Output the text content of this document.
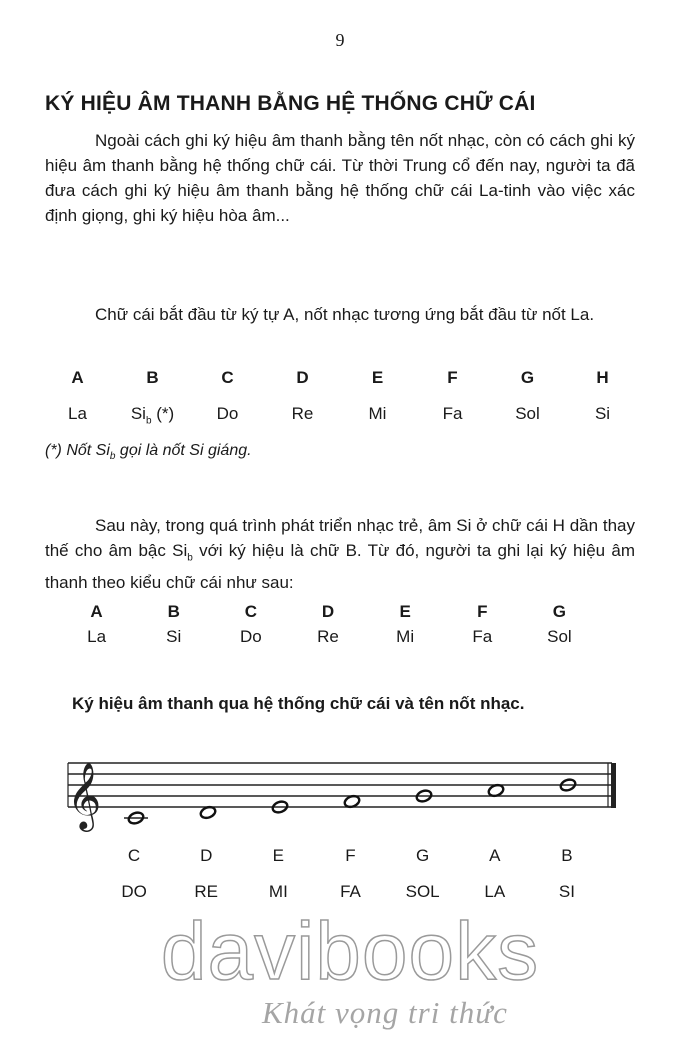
9
KÝ HIỆU ÂM THANH BẰNG HỆ THỐNG CHỮ CÁI

Ngoài cách ghi ký hiệu âm thanh bằng tên nốt nhạc, còn có cách ghi ký hiệu âm thanh bằng hệ thống chữ cái. Từ thời Trung cổ đến nay, người ta đã đưa cách ghi ký hiệu âm thanh bằng hệ thống chữ cái La-tinh vào việc xác định giọng, ghi ký hiệu hòa âm...

Chữ cái bắt đầu từ ký tự A, nốt nhạc tương ứng bắt đầu từ nốt La.

A	B	C	D	E	F	G	H
La	$Si_b$ (*)	Do	Re	Mi	Fa	Sol	Si
(*) Nốt $Si_b$ gọi là nốt Si giáng.

Sau này, trong quá trình phát triển nhạc trẻ, âm Si ở chữ cái H dần thay thế cho âm bậc $Si_b$ với ký hiệu là chữ B. Từ đó, người ta ghi lại ký hiệu âm thanh theo kiểu chữ cái như sau:

A	B	C	D	E	F	G
La	Si	Do	Re	Mi	Fa	Sol
Ký hiệu âm thanh qua hệ thống chữ cái và tên nốt nhạc.
𝄞
C	D	E	F	G	A	B
DO	RE	MI	FA	SOL	LA	SI
davibooks
Khát vọng tri thức
